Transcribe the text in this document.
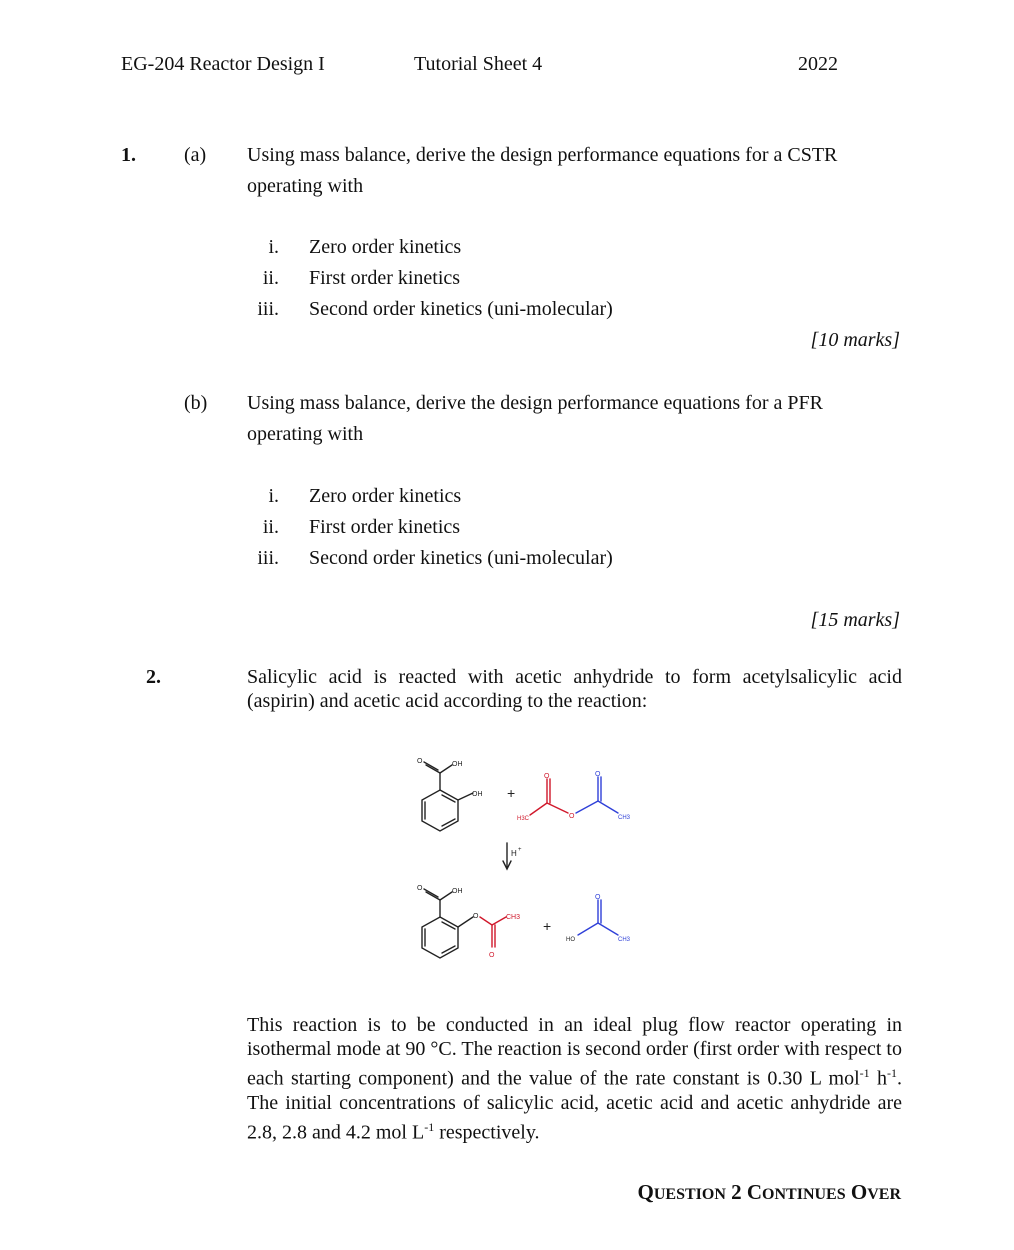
EG-204 Reactor Design I	Tutorial Sheet 4	2022
1. (a) Using mass balance, derive the design performance equations for a CSTR
operating with
i. Zero order kinetics
ii. First order kinetics
iii. Second order kinetics (uni-molecular)
[10 marks]
(b) Using mass balance, derive the design performance equations for a PFR
operating with
i. Zero order kinetics
ii. First order kinetics
iii. Second order kinetics (uni-molecular)
[15 marks]
2.	Salicylic acid is reacted with acetic anhydride to form acetylsalicylic acid (aspirin) and acetic acid according to the reaction:
O	OH
OH +
H3C
O
O
O
CH3
H +
O	OH
O	CH3
O
+
HO
O
CH3
This reaction is to be conducted in an ideal plug flow reactor operating in isothermal mode at 90 °C. The reaction is second order (first order with respect to each starting component) and the value of the rate constant is 0.30 L mol$^{-1}$ $h^{-1}$. The initial concentrations of salicylic acid, acetic acid and acetic anhydride are 2.8, 2.8 and 4.2 mol $L^{-1}$ respectively.
QUESTION 2 CONTINUES OVER
